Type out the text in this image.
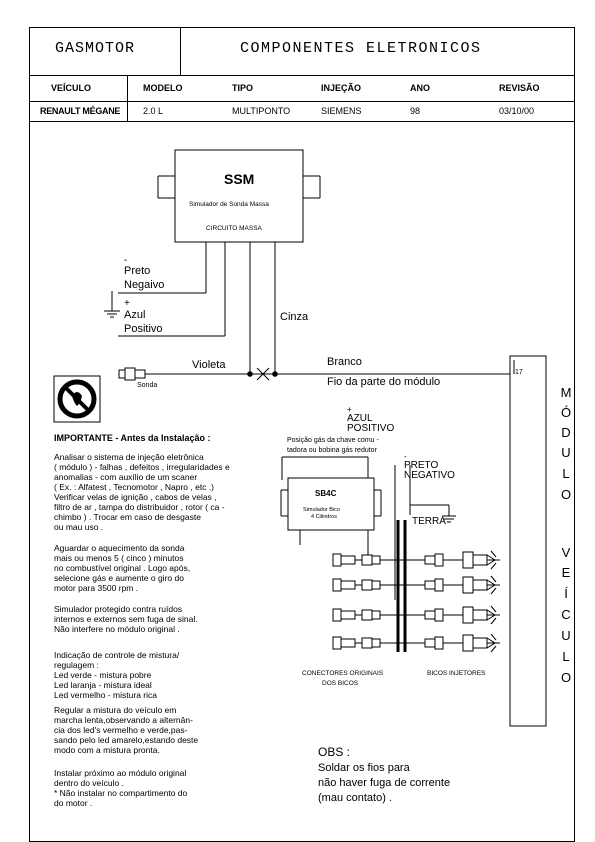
GASMOTOR	COMPONENTES ELETRONICOS
VEÍCULO	MODELO	TIPO	INJEÇÃO	ANO	REVISÃO
RENAULT MÉGANE	2.0 L	MULTIPONTO	SIEMENS	98	03/10/00
SSM
Simulador de Sonda Massa
CIRCUITO MASSA
-
Preto
Negaivo
+
Azul
Positivo
Cinza
Violeta	Branco
Fio da parte do módulo
Sonda
17
M
Ó
D
U
L
O
V
E
Í
C
U
L
O
SB4C
Simulador Bico
4 Cilindros
+
AZUL
POSITIVO
Posição gás da chave comu -
tadora ou bobina gás redutor
-
PRETO
NEGATIVO
TERRA
CONECTORES ORIGINAIS
DOS BICOS
BICOS INJETORES
IMPORTANTE - Antes da Instalação :
Analisar o sistema de injeção eletrônica
( módulo ) - falhas , defeitos , irregularidades e
anomalias - com auxílio de um scaner
( Ex. : Alfatest , Tecnomotor , Napro , etc .)
Verificar velas de ignição , cabos de velas ,
filtro de ar , tampa do distribuidor , rotor ( ca -
chimbo ) . Trocar em caso de desgaste
ou mau uso .
Aguardar o aquecimento da sonda
mais ou menos 5 ( cinco ) minutos
no combustível original . Logo após,
selecione gás e aumente o giro do
motor para 3500 rpm .
Simulador protegido contra ruídos
internos e externos sem fuga de sinal.
Não interfere no módulo original .
Indicação de controle de mistura/
regulagem :
Led verde - mistura pobre
Led laranja - mistura ideal
Led vermelho - mistura rica
Regular a mistura do veículo em
marcha lenta,observando a alternân-
cia dos led's vermelho e verde,pas-
sando pelo led amarelo,estando deste
modo com a mistura pronta.
Instalar próximo ao módulo original
dentro do veículo .
* Não instalar no compartimento do
do motor .
OBS :
Soldar os fios para
não haver fuga de corrente
(mau contato) .
